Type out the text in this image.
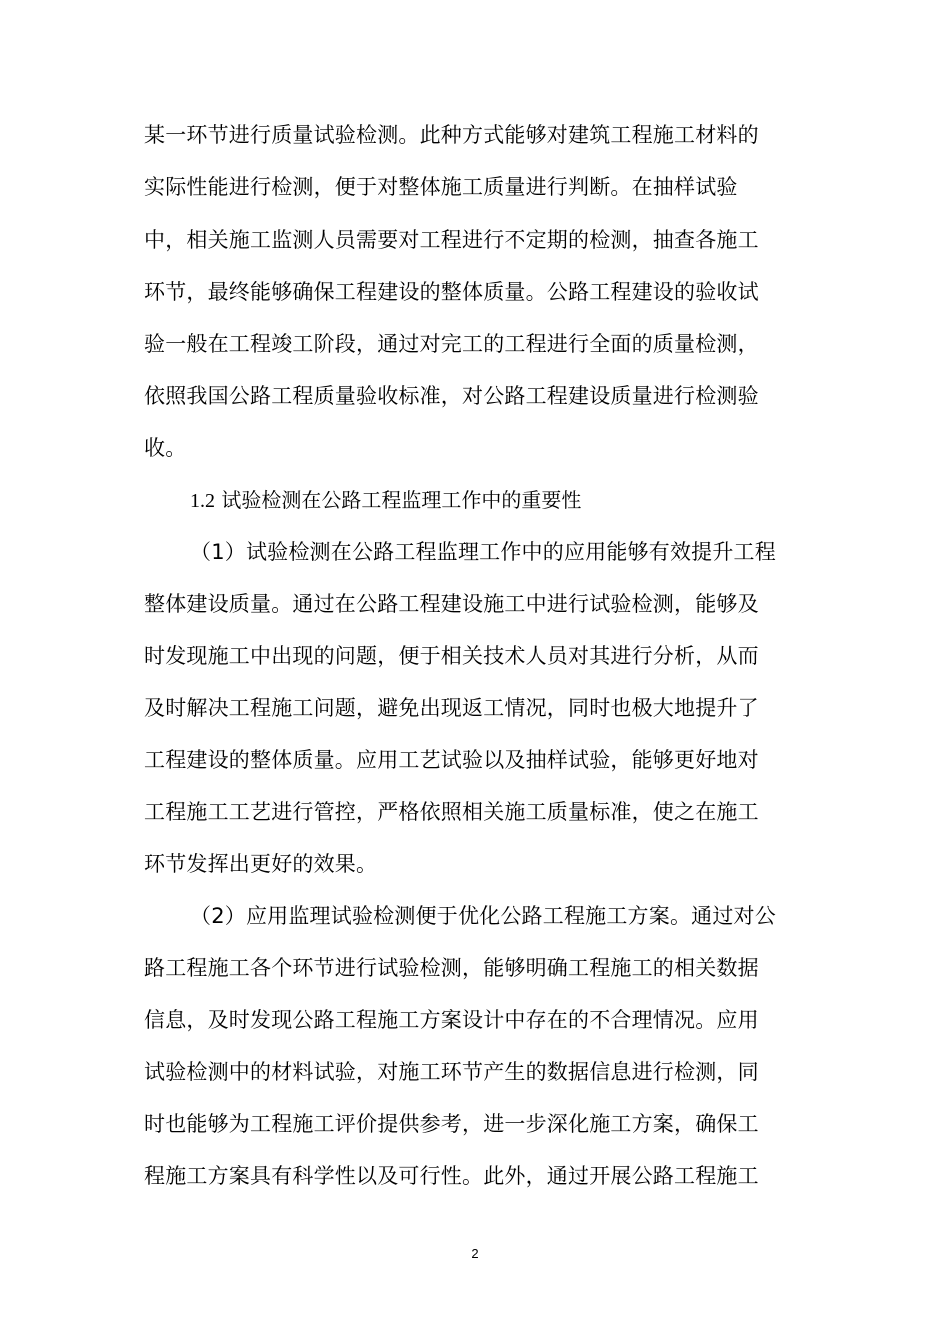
某一环节进行质量试验检测。此种方式能够对建筑工程施工材料的
实际性能进行检测，便于对整体施工质量进行判断。在抽样试验
中，相关施工监测人员需要对工程进行不定期的检测，抽查各施工
环节，最终能够确保工程建设的整体质量。公路工程建设的验收试
验一般在工程竣工阶段，通过对完工的工程进行全面的质量检测，
依照我国公路工程质量验收标准，对公路工程建设质量进行检测验
收。
1.2 试验检测在公路工程监理工作中的重要性
（1）试验检测在公路工程监理工作中的应用能够有效提升工程
整体建设质量。通过在公路工程建设施工中进行试验检测，能够及
时发现施工中出现的问题，便于相关技术人员对其进行分析，从而
及时解决工程施工问题，避免出现返工情况，同时也极大地提升了
工程建设的整体质量。应用工艺试验以及抽样试验，能够更好地对
工程施工工艺进行管控，严格依照相关施工质量标准，使之在施工
环节发挥出更好的效果。
（2）应用监理试验检测便于优化公路工程施工方案。通过对公
路工程施工各个环节进行试验检测，能够明确工程施工的相关数据
信息，及时发现公路工程施工方案设计中存在的不合理情况。应用
试验检测中的材料试验，对施工环节产生的数据信息进行检测，同
时也能够为工程施工评价提供参考，进一步深化施工方案，确保工
程施工方案具有科学性以及可行性。此外，通过开展公路工程施工
2
